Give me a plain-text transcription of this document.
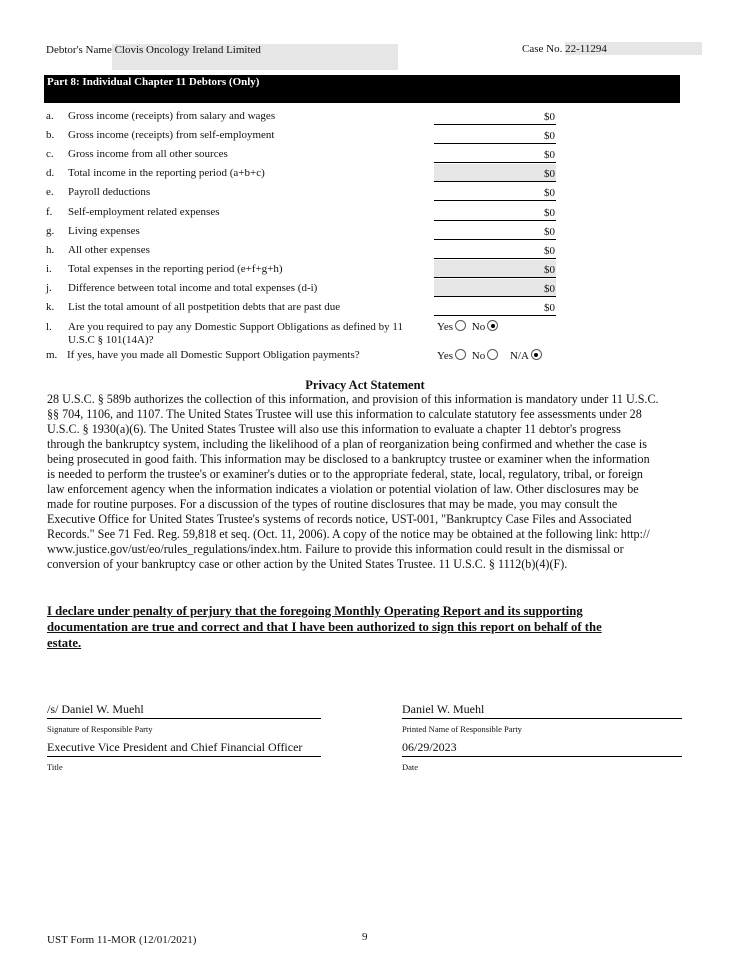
Debtor's Name Clovis Oncology Ireland Limited	Case No. 22-11294
Part 8: Individual Chapter 11 Debtors (Only)
a. Gross income (receipts) from salary and wages	$0
b. Gross income (receipts) from self-employment	$0
c. Gross income from all other sources	$0
d. Total income in the reporting period (a+b+c)	$0
e. Payroll deductions	$0
f. Self-employment related expenses	$0
g. Living expenses	$0
h. All other expenses	$0
i. Total expenses in the reporting period (e+f+g+h)	$0
j. Difference between total income and total expenses (d-i)	$0
k. List the total amount of all postpetition debts that are past due	$0
l. Are you required to pay any Domestic Support Obligations as defined by 11
U.S.C § 101(14A)?
Yes No
m. If yes, have you made all Domestic Support Obligation payments?	Yes No N/A
Privacy Act Statement
28 U.S.C. § 589b authorizes the collection of this information, and provision of this information is mandatory under 11 U.S.C.
§§ 704, 1106, and 1107. The United States Trustee will use this information to calculate statutory fee assessments under 28
U.S.C. § 1930(a)(6). The United States Trustee will also use this information to evaluate a chapter 11 debtor's progress
through the bankruptcy system, including the likelihood of a plan of reorganization being confirmed and whether the case is
being prosecuted in good faith. This information may be disclosed to a bankruptcy trustee or examiner when the information
is needed to perform the trustee's or examiner's duties or to the appropriate federal, state, local, regulatory, tribal, or foreign
law enforcement agency when the information indicates a violation or potential violation of law. Other disclosures may be
made for routine purposes. For a discussion of the types of routine disclosures that may be made, you may consult the
Executive Office for United States Trustee's systems of records notice, UST-001, "Bankruptcy Case Files and Associated
Records." See 71 Fed. Reg. 59,818 et seq. (Oct. 11, 2006). A copy of the notice may be obtained at the following link: http://
www.justice.gov/ust/eo/rules_regulations/index.htm. Failure to provide this information could result in the dismissal or
conversion of your bankruptcy case or other action by the United States Trustee. 11 U.S.C. § 1112(b)(4)(F).
I declare under penalty of perjury that the foregoing Monthly Operating Report and its supporting
documentation are true and correct and that I have been authorized to sign this report on behalf of the
estate.
/s/ Daniel W. Muehl
Signature of Responsible Party
Daniel W. Muehl
Printed Name of Responsible Party
Executive Vice President and Chief Financial Officer
Title
06/29/2023
Date
UST Form 11-MOR (12/01/2021)	9
